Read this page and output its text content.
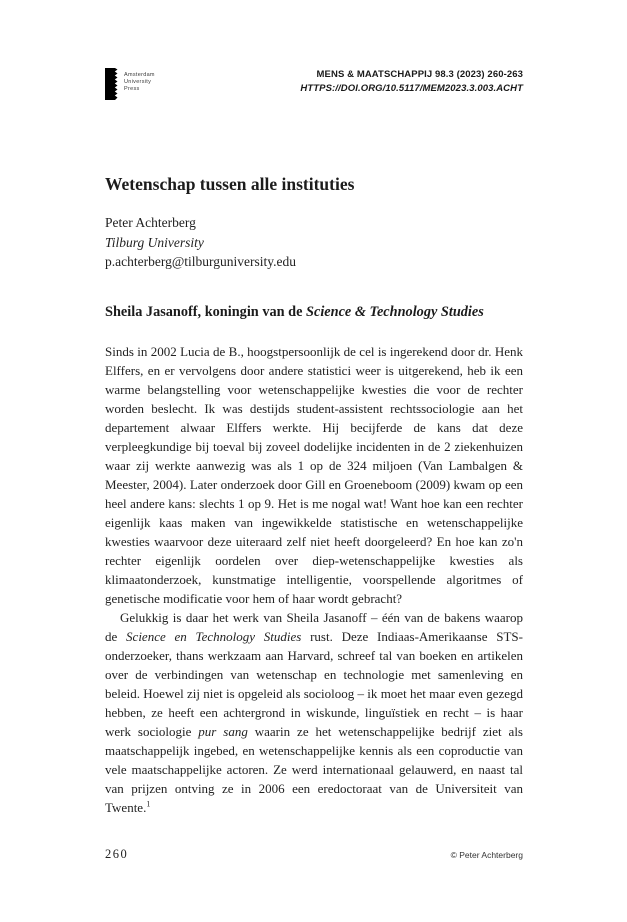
Amsterdam
University
Press
MENS & MAATSCHAPPIJ 98.3 (2023) 260-263
HTTPS://DOI.ORG/10.5117/MEM2023.3.003.ACHT
Wetenschap tussen alle instituties
Peter Achterberg
Tilburg University
p.achterberg@tilburguniversity.edu
Sheila Jasanoff, koningin van de Science & Technology Studies

Sinds in 2002 Lucia de B., hoogstpersoonlijk de cel is ingerekend door dr. Henk Elffers, en er vervolgens door andere statistici weer is uitgerekend, heb ik een warme belangstelling voor wetenschappelijke kwesties die voor de rechter worden beslecht. Ik was destijds student-assistent rechtssociologie aan het departement alwaar Elffers werkte. Hij becijferde de kans dat deze verpleegkundige bij toeval bij zoveel dodelijke incidenten in de 2 ziekenhuizen waar zij werkte aanwezig was als 1 op de 324 miljoen (Van Lambalgen & Meester, 2004). Later onderzoek door Gill en Groeneboom (2009) kwam op een heel andere kans: slechts 1 op 9. Het is me nogal wat! Want hoe kan een rechter eigenlijk kaas maken van ingewikkelde statistische en wetenschappelijke kwesties waarvoor deze uiteraard zelf niet heeft doorgeleerd? En hoe kan zo'n rechter eigenlijk oordelen over diep-wetenschappelijke kwesties als klimaatonderzoek, kunstmatige intelligentie, voorspellende algoritmes of genetische modificatie voor hem of haar wordt gebracht?

Gelukkig is daar het werk van Sheila Jasanoff – één van de bakens waarop de Science en Technology Studies rust. Deze Indiaas-Amerikaanse STS-onderzoeker, thans werkzaam aan Harvard, schreef tal van boeken en artikelen over de verbindingen van wetenschap en technologie met samenleving en beleid. Hoewel zij niet is opgeleid als socioloog – ik moet het maar even gezegd hebben, ze heeft een achtergrond in wiskunde, linguïstiek en recht – is haar werk sociologie pur sang waarin ze het wetenschappelijke bedrijf ziet als maatschappelijk ingebed, en wetenschappelijke kennis als een coproductie van vele maatschappelijke actoren. Ze werd internationaal gelauwerd, en naast tal van prijzen ontving ze in 2006 een eredoctoraat van de Universiteit van Twente.$^1$

260	© Peter Achterberg
